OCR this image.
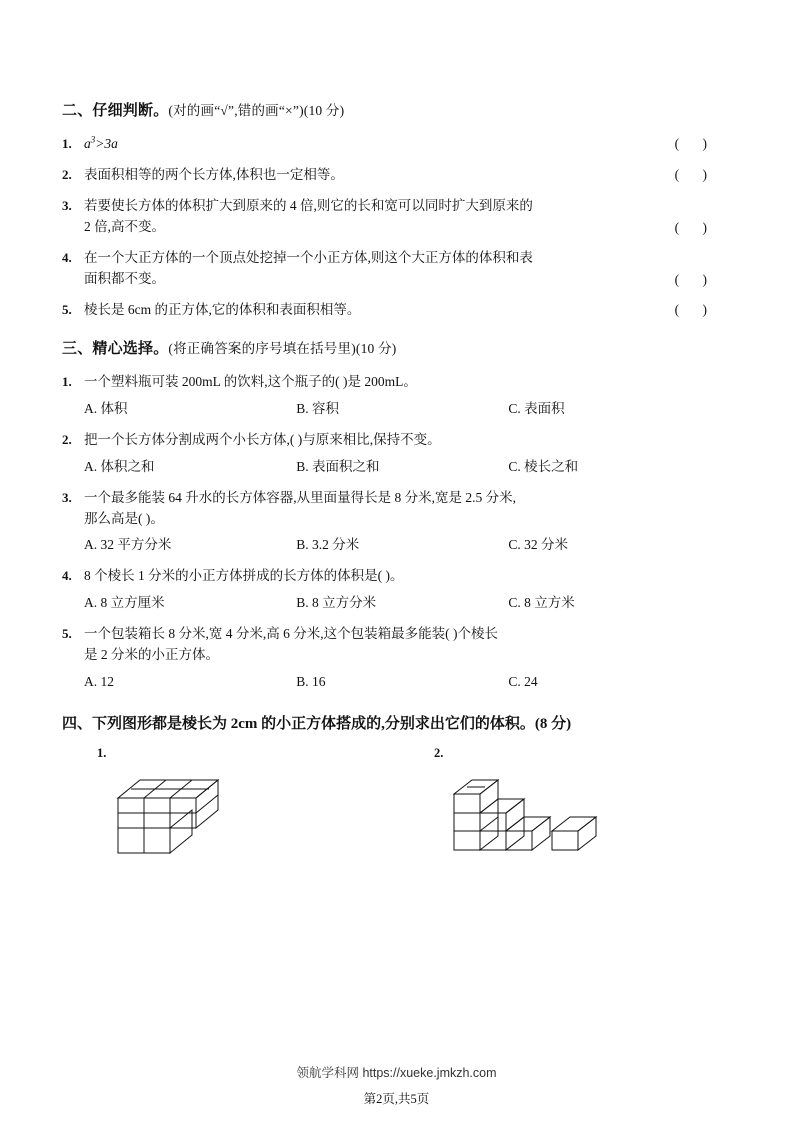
二、仔细判断。(对的画“√”,错的画“×”)(10 分)
1. $a^3>3a$	( )
2. 表面积相等的两个长方体,体积也一定相等。	( )
3. 若要使长方体的体积扩大到原来的 4 倍,则它的长和宽可以同时扩大到原来的
2 倍,高不变。	( )
4. 在一个大正方体的一个顶点处挖掉一个小正方体,则这个大正方体的体积和表
面积都不变。	( )
5. 棱长是 6cm 的正方体,它的体积和表面积相等。	( )
三、精心选择。(将正确答案的序号填在括号里)(10 分)
1. 一个塑料瓶可装 200mL 的饮料,这个瓶子的( )是 200mL。
A. 体积	B. 容积	C. 表面积
2. 把一个长方体分割成两个小长方体,( )与原来相比,保持不变。
A. 体积之和	B. 表面积之和	C. 棱长之和
3. 一个最多能装 64 升水的长方体容器,从里面量得长是 8 分米,宽是 2.5 分米,
那么高是( )。
A. 32 平方分米	B. 3.2 分米	C. 32 分米
4. 8 个棱长 1 分米的小正方体拼成的长方体的体积是( )。
A. 8 立方厘米	B. 8 立方分米	C. 8 立方米
5. 一个包装箱长 8 分米,宽 4 分米,高 6 分米,这个包装箱最多能装( )个棱长
是 2 分米的小正方体。
A. 12	B. 16	C. 24
四、下列图形都是棱长为 2cm 的小正方体搭成的,分别求出它们的体积。(8 分)
1.	2.
领航学科网 https://xueke.jmkzh.com
第2页,共5页
